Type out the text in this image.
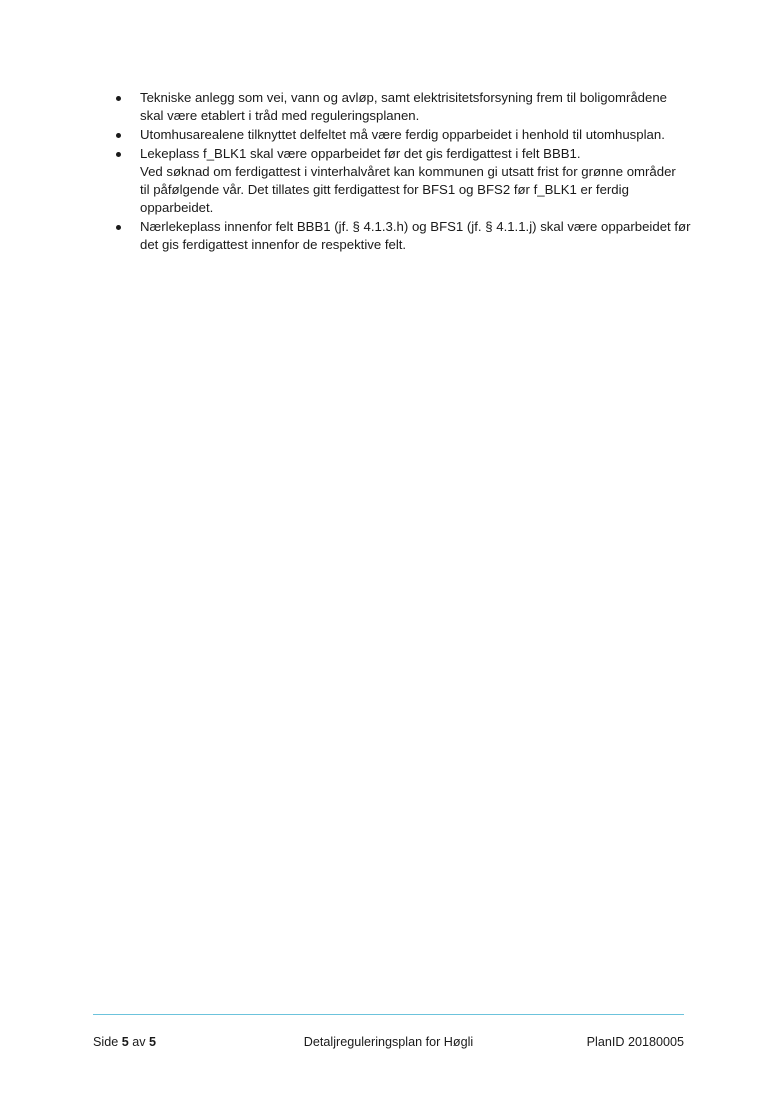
Tekniske anlegg som vei, vann og avløp, samt elektrisitetsforsyning frem til boligområdene
skal være etablert i tråd med reguleringsplanen.
Utomhusarealene tilknyttet delfeltet må være ferdig opparbeidet i henhold til utomhusplan.
Lekeplass f_BLK1 skal være opparbeidet før det gis ferdigattest i felt BBB1.
Ved søknad om ferdigattest i vinterhalvåret kan kommunen gi utsatt frist for grønne områder
til påfølgende vår. Det tillates gitt ferdigattest for BFS1 og BFS2 før f_BLK1 er ferdig
opparbeidet.
Nærlekeplass innenfor felt BBB1 (jf. § 4.1.3.h) og BFS1 (jf. § 4.1.1.j) skal være opparbeidet før
det gis ferdigattest innenfor de respektive felt.
Side 5 av 5	Detaljreguleringsplan for Høgli	PlanID 20180005
